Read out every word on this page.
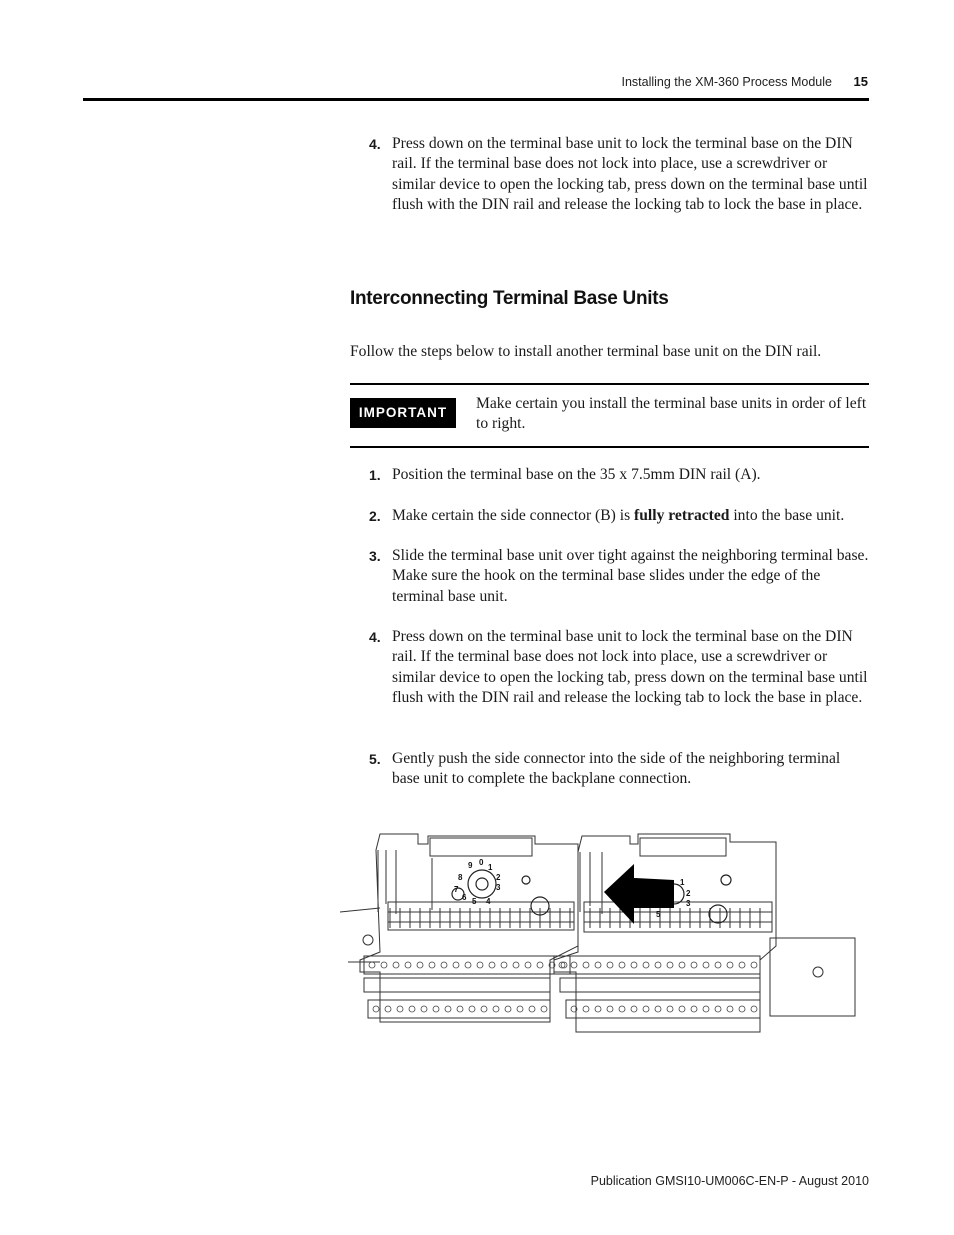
Installing the XM-360 Process Module 15
4. Press down on the terminal base unit to lock the terminal base on the DIN rail. If the terminal base does not lock into place, use a screwdriver or similar device to open the locking tab, press down on the terminal base until flush with the DIN rail and release the locking tab to lock the base in place.
Interconnecting Terminal Base Units
Follow the steps below to install another terminal base unit on the DIN rail.
IMPORTANT
Make certain you install the terminal base units in order of left to right.
1. Position the terminal base on the 35 x 7.5mm DIN rail (A).
2. Make certain the side connector (B) is fully retracted into the base unit.
3. Slide the terminal base unit over tight against the neighboring terminal base. Make sure the hook on the terminal base slides under the edge of the terminal base unit.
4. Press down on the terminal base unit to lock the terminal base on the DIN rail. If the terminal base does not lock into place, use a screwdriver or similar device to open the locking tab, press down on the terminal base until flush with the DIN rail and release the locking tab to lock the base in place.
5. Gently push the side connector into the side of the neighboring terminal base unit to complete the backplane connection.
0
1
2
3
4
5
6
7
8
9
1
2
3
5
Publication GMSI10-UM006C-EN-P - August 2010
